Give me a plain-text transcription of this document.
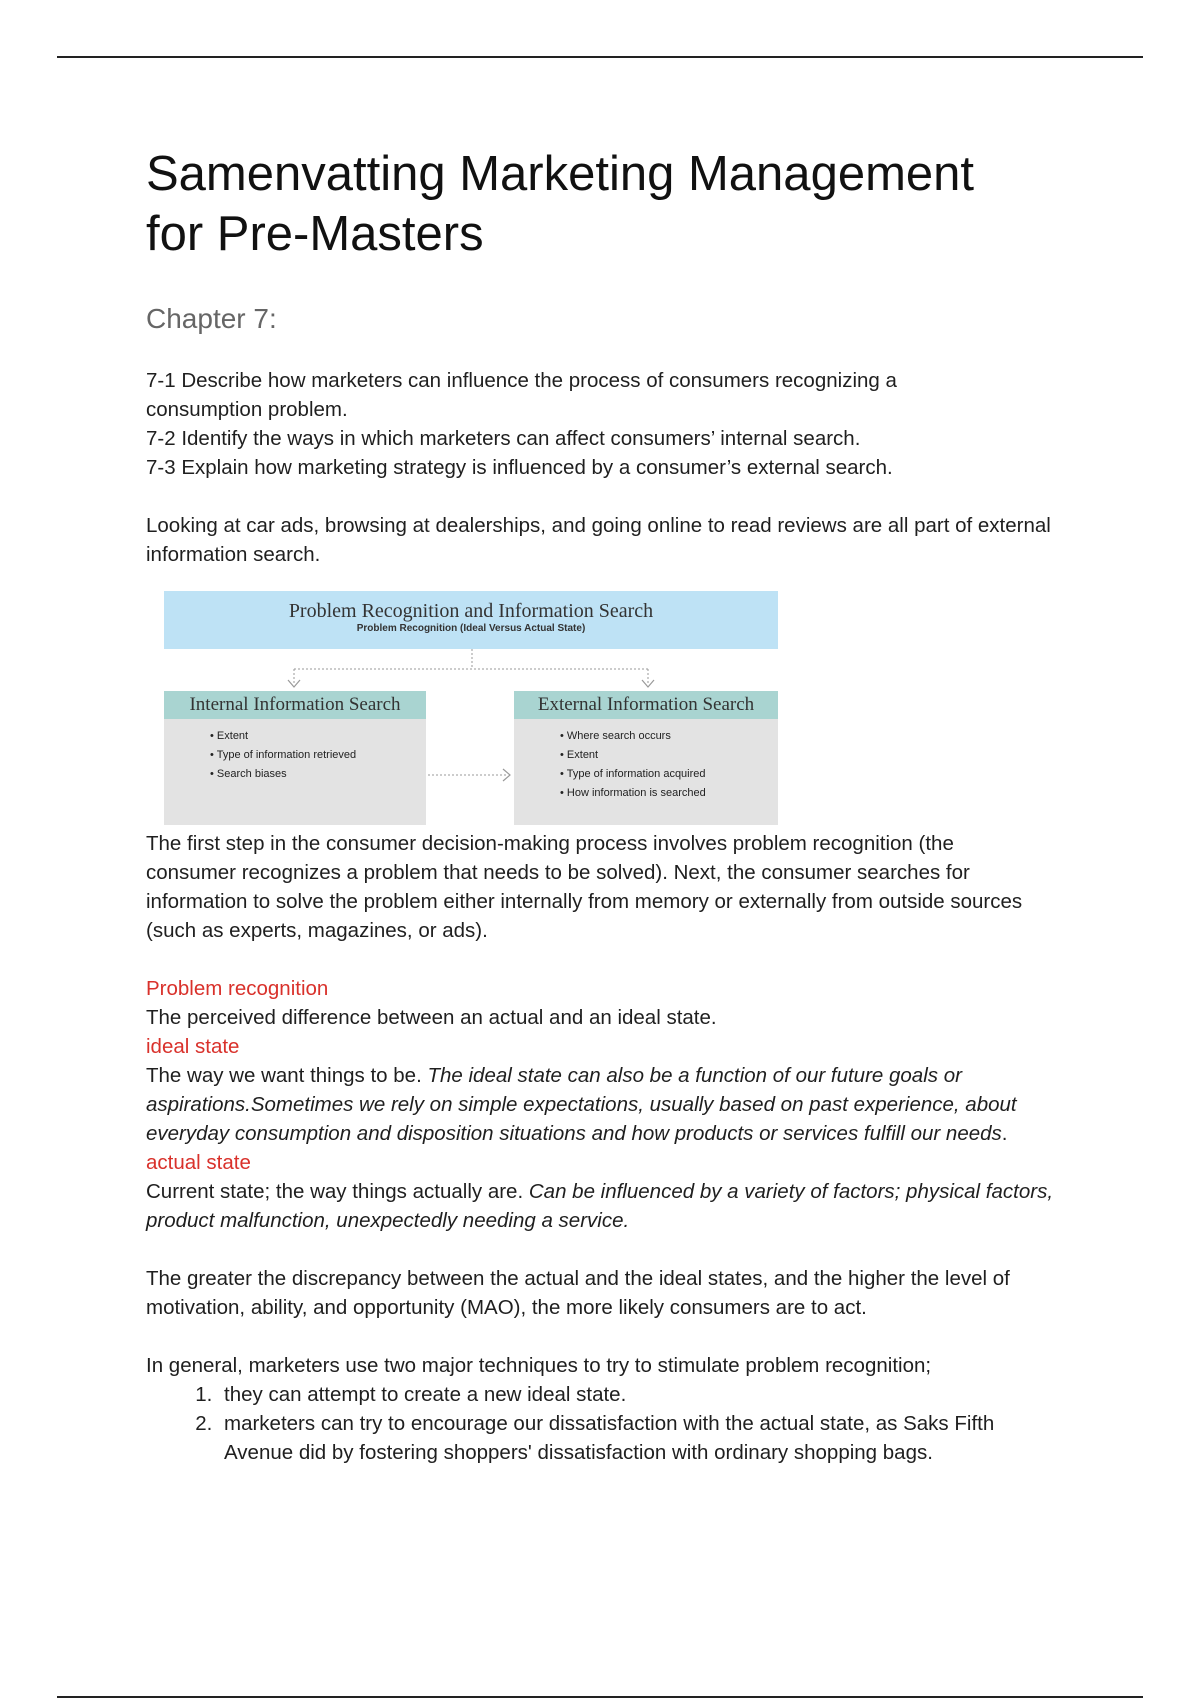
Samenvatting Marketing Management
for Pre-Masters
Chapter 7:
7-1 Describe how marketers can influence the process of consumers recognizing a consumption problem.
7-2 Identify the ways in which marketers can affect consumers’ internal search.
7-3 Explain how marketing strategy is influenced by a consumer’s external search.

Looking at car ads, browsing at dealerships, and going online to read reviews are all part of external information search.

Problem Recognition and Information Search
Problem Recognition (Ideal Versus Actual State)
Internal Information Search
• Extent
• Type of information retrieved
• Search biases
External Information Search
• Where search occurs
• Extent
• Type of information acquired
• How information is searched

The first step in the consumer decision-making process involves problem recognition (the consumer recognizes a problem that needs to be solved). Next, the consumer searches for information to solve the problem either internally from memory or externally from outside sources (such as experts, magazines, or ads).

Problem recognition
The perceived difference between an actual and an ideal state.
ideal state
The way we want things to be. The ideal state can also be a function of our future goals or aspirations.Sometimes we rely on simple expectations, usually based on past experience, about everyday consumption and disposition situations and how products or services fulfill our needs.
actual state
Current state; the way things actually are. Can be influenced by a variety of factors; physical factors, product malfunction, unexpectedly needing a service.

The greater the discrepancy between the actual and the ideal states, and the higher the level of motivation, ability, and opportunity (MAO), the more likely consumers are to act.

In general, marketers use two major techniques to try to stimulate problem recognition;

1. they can attempt to create a new ideal state.
2. marketers can try to encourage our dissatisfaction with the actual state, as Saks Fifth Avenue did by fostering shoppers' dissatisfaction with ordinary shopping bags.
